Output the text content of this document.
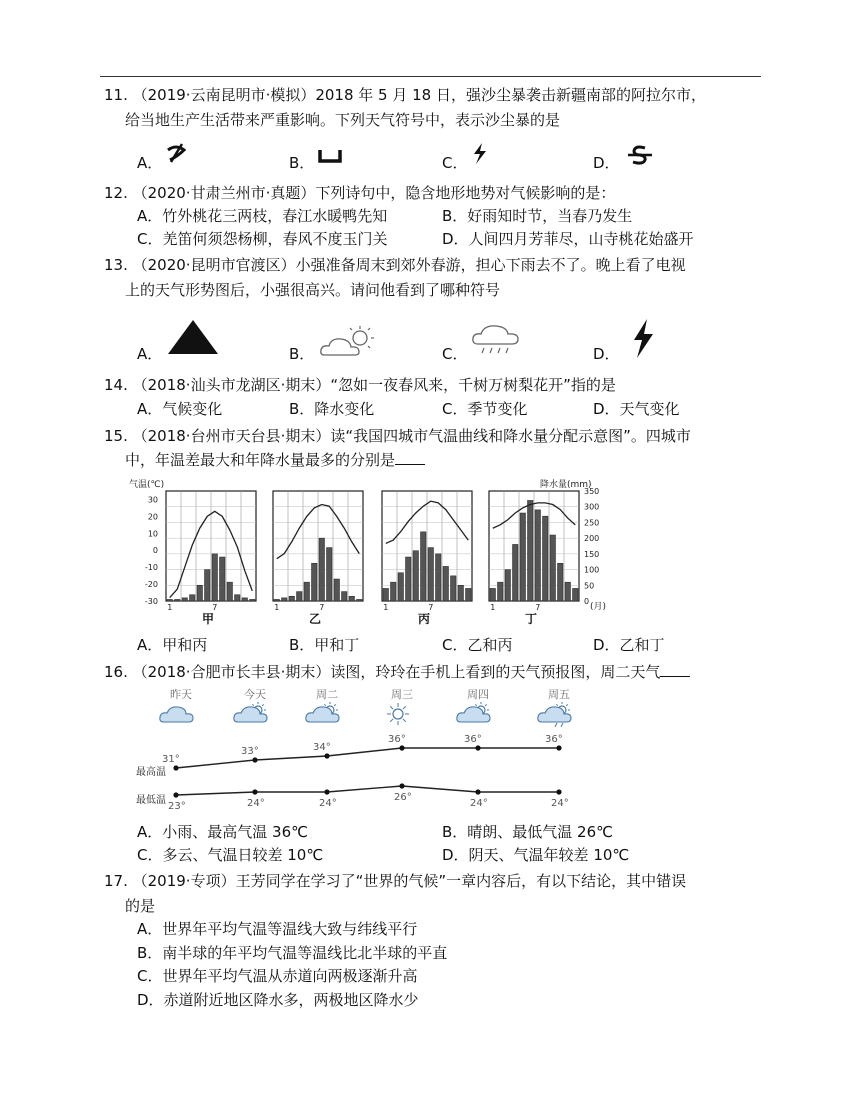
11. （2019·云南昆明市·模拟）2018 年 5 月 18 日，强沙尘暴袭击新疆南部的阿拉尔市，
给当地生产生活带来严重影响。下列天气符号中，表示沙尘暴的是
A．	B．	C．	D．
12. （2020·甘肃兰州市·真题）下列诗句中，隐含地形地势对气候影响的是：
A．竹外桃花三两枝，春江水暖鸭先知	B．好雨知时节，当春乃发生
C．羌笛何须怨杨柳，春风不度玉门关	D．人间四月芳菲尽，山寺桃花始盛开
13. （2020·昆明市官渡区）小强准备周末到郊外春游，担心下雨去不了。晚上看了电视
上的天气形势图后，小强很高兴。请问他看到了哪种符号
A．	B．	C．	D．
14. （2018·汕头市龙湖区·期末）“忽如一夜春风来，千树万树梨花开”指的是
A．气候变化	B．降水变化	C．季节变化	D．天气变化
15. （2018·台州市天台县·期末）读“我国四城市气温曲线和降水量分配示意图”。四城市
中，年温差最大和年降水量最多的分别是
气温(℃)	降水量(mm)
30
20
10
0
-10
-20
-30
350
300
250
200
150
100
50
0
1	7
甲
1	7
乙
1	7
丙
1	7
丁
(月)
A．甲和丙	B．甲和丁	C．乙和丙	D．乙和丁
16. （2018·合肥市长丰县·期末）读图，玲玲在手机上看到的天气预报图，周二天气
昨天	今天	周二	周三	周四	周五
最高温
最低温
31°
33°	34°
36°	36°	36°
23°	24°	24°
26°
24°	24°
A．小雨、最高气温 36℃	B．晴朗、最低气温 26℃
C．多云、气温日较差 10℃	D．阴天、气温年较差 10℃
17. （2019·专项）王芳同学在学习了“世界的气候”一章内容后，有以下结论，其中错误
的是
A．世界年平均气温等温线大致与纬线平行
B．南半球的年平均气温等温线比北半球的平直
C．世界年平均气温从赤道向两极逐渐升高
D．赤道附近地区降水多，两极地区降水少
